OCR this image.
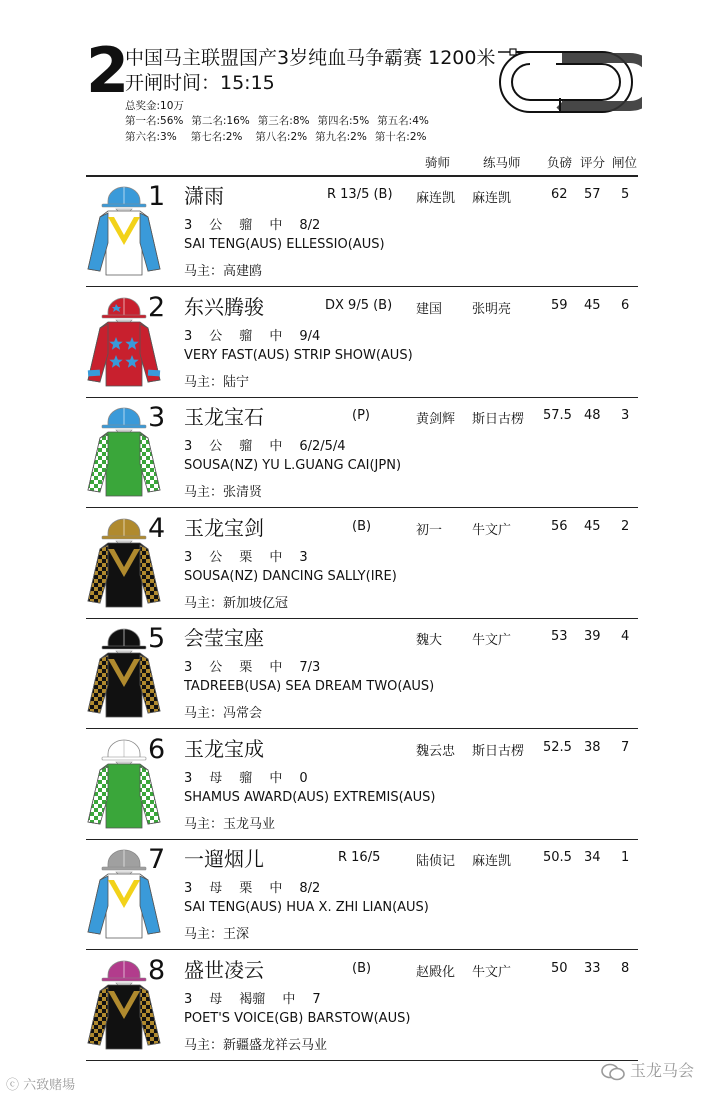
2
中国马主联盟国产3岁纯血马争霸赛 1200米
开闸时间：15:15
总奖金:10万
第一名:56% 第二名:16% 第三名:8% 第四名:5% 第五名:4%
第六名:3% 第七名:2% 第八名:2% 第九名:2% 第十名:2%
骑师	练马师 负磅 评分 闸位
1 潇雨	R 13/5 (B) 麻连凯 麻连凯	62 57 5
3 公 骝 中 8/2
SAI TENG(AUS) ELLESSIO(AUS)
马主：高建鸥
2 东兴腾骏	DX 9/5 (B) 建国 张明亮	59 45 6
3 公 骝 中 9/4
VERY FAST(AUS) STRIP SHOW(AUS)
马主：陆宁
3 玉龙宝石	(P)	黄剑辉 斯日古楞 57.5 48 3
3 公 骝 中 6/2/5/4
SOUSA(NZ) YU L.GUANG CAI(JPN)
马主：张清贤
4 玉龙宝剑	(B)	初一 牛文广	56 45 2
3 公 栗 中 3
SOUSA(NZ) DANCING SALLY(IRE)
马主：新加坡亿冠
5 会莹宝座	魏大 牛文广	53 39 4
3 公 栗 中 7/3
TADREEB(USA) SEA DREAM TWO(AUS)
马主：冯常会
6 玉龙宝成	魏云忠 斯日古楞 52.5 38 7
3 母 骝 中 0
SHAMUS AWARD(AUS) EXTREMIS(AUS)
马主：玉龙马业
7 一遛烟儿	R 16/5	陆侦记 麻连凯 50.5 34 1
3 母 栗 中 8/2
SAI TENG(AUS) HUA X. ZHI LIAN(AUS)
马主：王深
8 盛世凌云	(B)	赵殿化 牛文广	50 33 8
3 母 褐骝 中 7
POET'S VOICE(GB) BARSTOW(AUS)
马主：新疆盛龙祥云马业
ⓒ 六致赌場
玉龙马会
